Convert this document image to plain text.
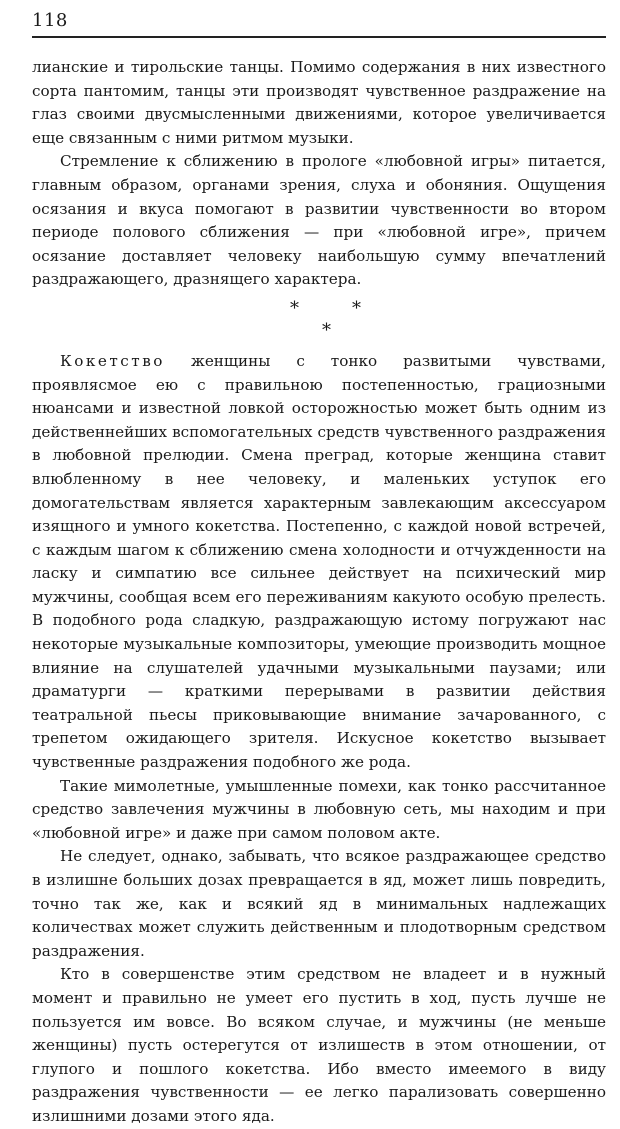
118

лианские и тирольские танцы. Помимо содержания в них известного сорта пантомим, танцы эти производят чувственное раздражение на глаз своими двусмысленными движениями, которое увеличивается еще связанным с ними ритмом музыки.

Стремление к сближению в прологе «любовной игры» питается, главным образом, органами зрения, слуха и обоняния. Ощущения осязания и вкуса помогают в развитии чувственности во втором периоде полового сближения — при «любовной игре», причем осязание доставляет человеку наибольшую сумму впечатлений раздражающего, дразнящего характера.

*	*
*

Кокетство женщины с тонко развитыми чувствами, проявлясмое ею с правильною постепенностью, грациозными нюансами и известной ловкой осторожностью может быть одним из действеннейших вспомогательных средств чувственного раздражения в любовной прелюдии. Смена преград, которые женщина ставит влюбленному в нее человеку, и маленьких уступок его домогательствам является характерным завлекающим аксессуаром изящного и умного кокетства. Постепенно, с каждой новой встречей, с каждым шагом к сближению смена холодности и отчужденности на ласку и симпатию все сильнее действует на психический мир мужчины, сообщая всем его переживаниям какуюто особую прелесть. В подобного рода сладкую, раздражающую истому погружают нас некоторые музыкальные композиторы, умеющие производить мощное влияние на слушателей удачными музыкальными паузами; или драматурги — краткими перерывами в развитии действия театральной пьесы приковывающие внимание зачарованного, с трепетом ожидающего зрителя. Искусное кокетство вызывает чувственные раздражения подобного же рода.

Такие мимолетные, умышленные помехи, как тонко рассчитанное средство завлечения мужчины в любовную сеть, мы находим и при «любовной игре» и даже при самом половом акте.

Не следует, однако, забывать, что всякое раздражающее средство в излишне больших дозах превращается в яд, может лишь повредить, точно так же, как и всякий яд в минимальных надлежащих количествах может служить действенным и плодотворным средством раздражения.

Кто в совершенстве этим средством не владеет и в нужный момент и правильно не умеет его пустить в ход, пусть лучше не пользуется им вовсе. Во всяком случае, и мужчины (не меньше женщины) пусть остерегутся от излишеств в этом отношении, от глупого и пошлого кокетства. Ибо вместо имеемого в виду раздражения чувственности — ее легко парализовать совершенно излишними дозами этого яда.
